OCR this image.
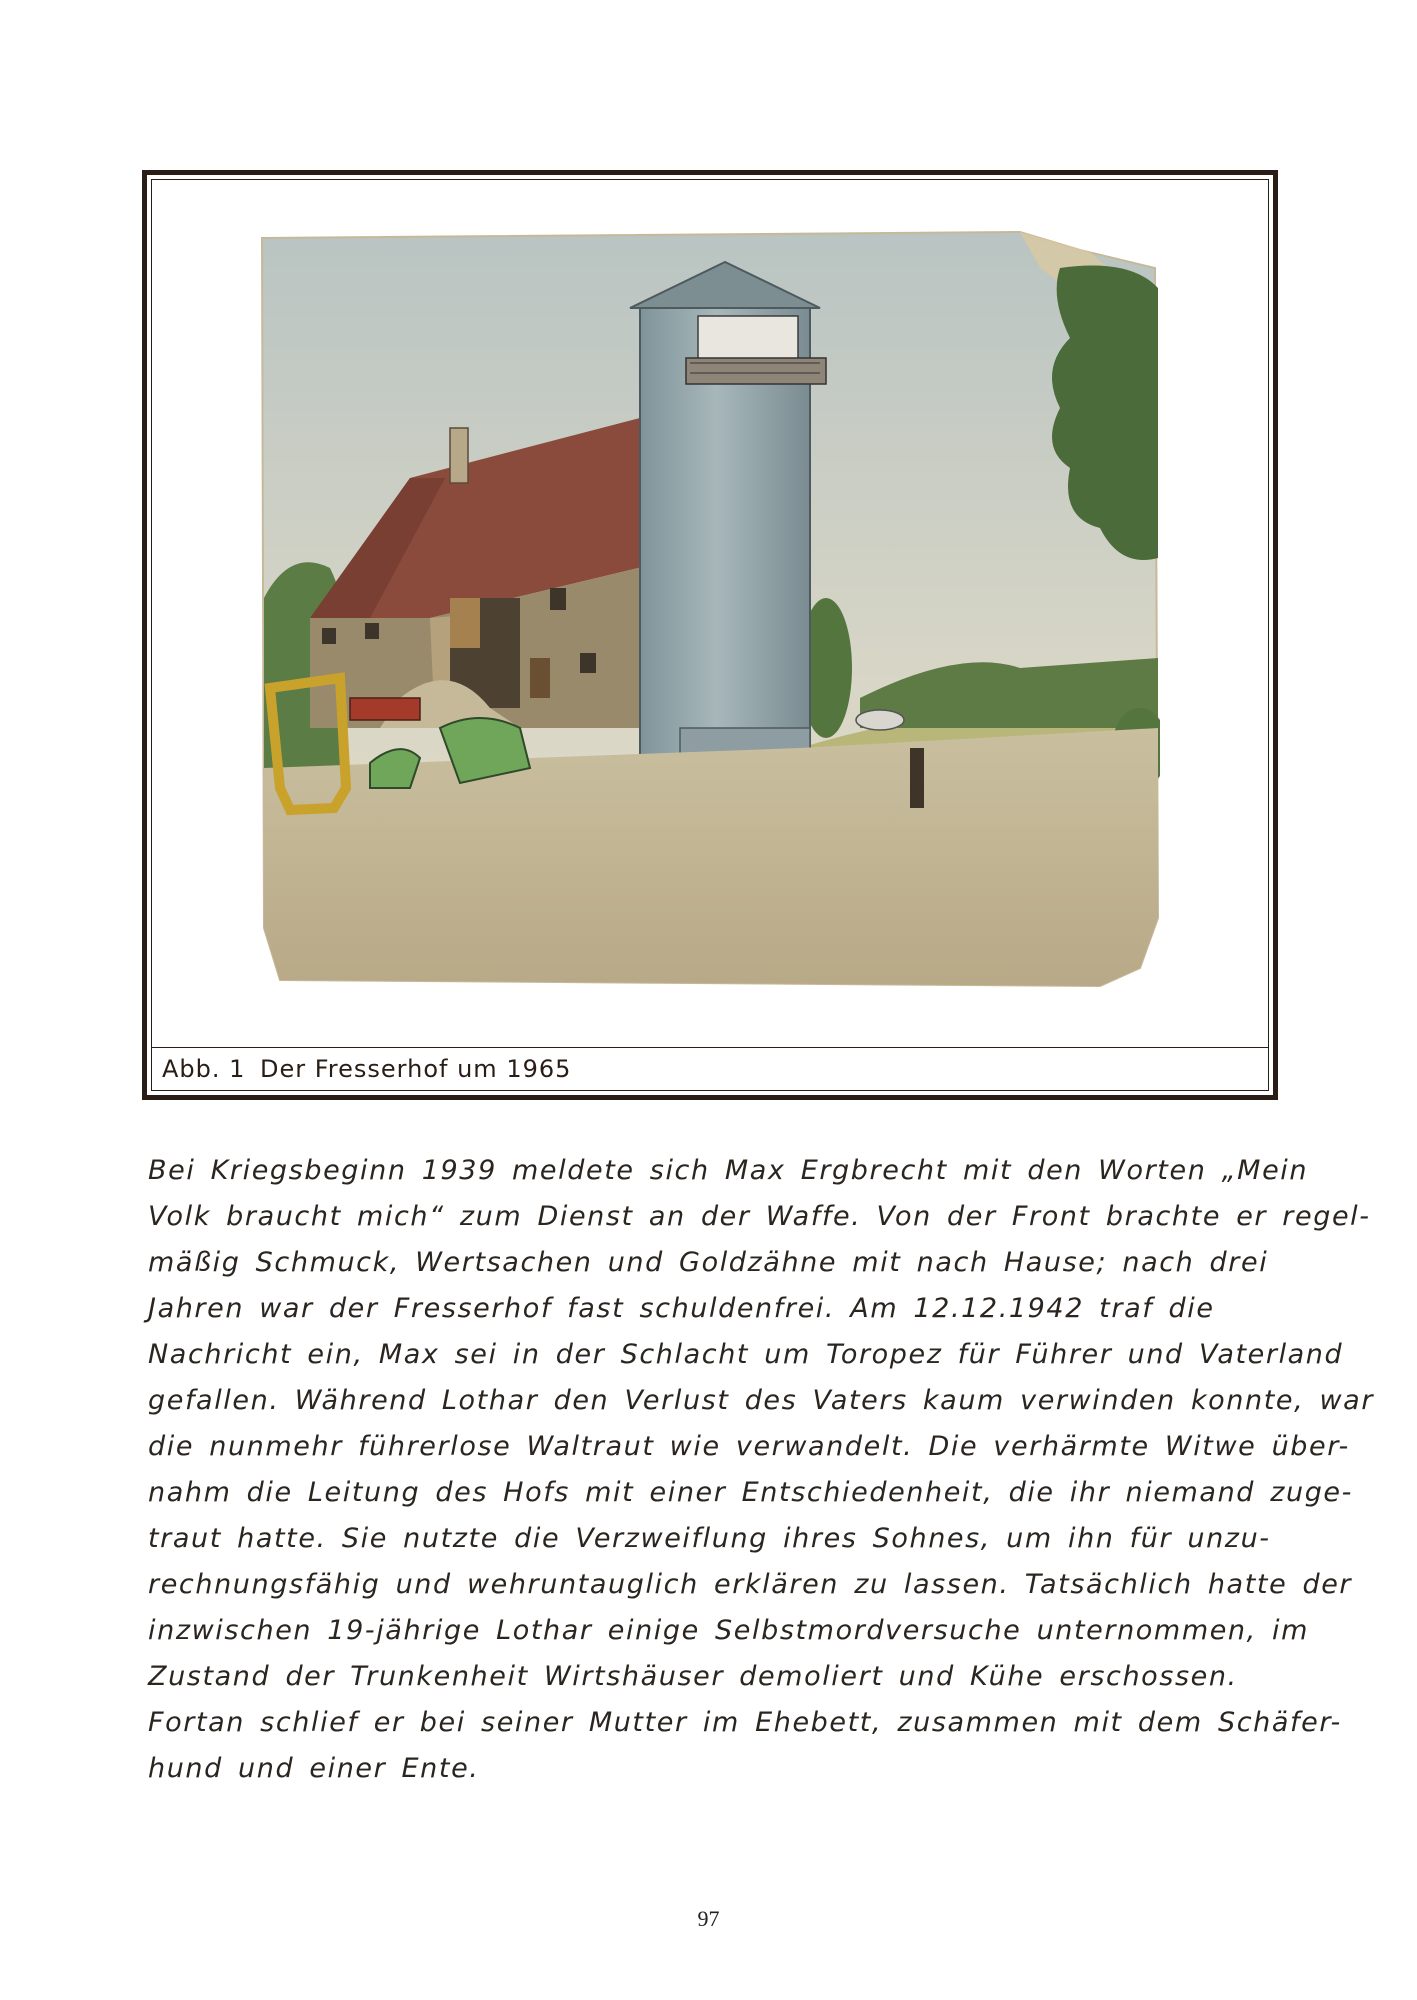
Abb. 1 Der Fresserhof um 1965
Bei Kriegsbeginn 1939 meldete sich Max Ergbrecht mit den Worten „Mein
Volk braucht mich“ zum Dienst an der Waffe. Von der Front brachte er regel-
mäßig Schmuck, Wertsachen und Goldzähne mit nach Hause; nach drei
Jahren war der Fresserhof fast schuldenfrei. Am 12.12.1942 traf die
Nachricht ein, Max sei in der Schlacht um Toropez für Führer und Vaterland
gefallen. Während Lothar den Verlust des Vaters kaum verwinden konnte, war
die nunmehr führerlose Waltraut wie verwandelt. Die verhärmte Witwe über-
nahm die Leitung des Hofs mit einer Entschiedenheit, die ihr niemand zuge-
traut hatte. Sie nutzte die Verzweiflung ihres Sohnes, um ihn für unzu-
rechnungsfähig und wehruntauglich erklären zu lassen. Tatsächlich hatte der
inzwischen 19-jährige Lothar einige Selbstmordversuche unternommen, im
Zustand der Trunkenheit Wirtshäuser demoliert und Kühe erschossen.
Fortan schlief er bei seiner Mutter im Ehebett, zusammen mit dem Schäfer-
hund und einer Ente.
97
